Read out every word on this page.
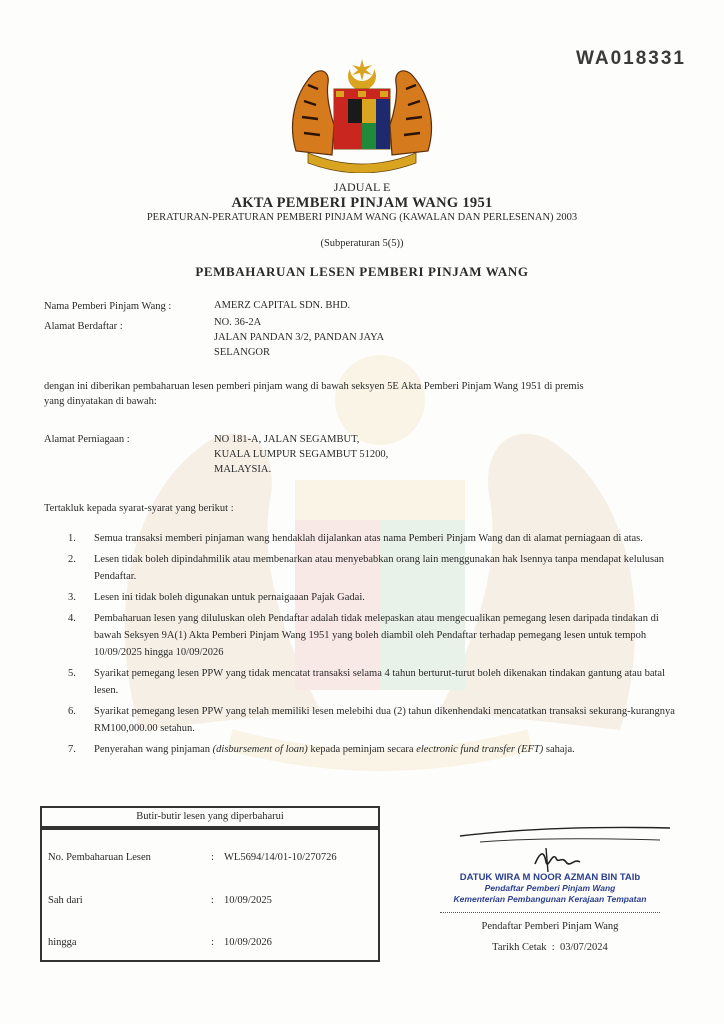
WA018331
JADUAL E
AKTA PEMBERI PINJAM WANG 1951
PERATURAN-PERATURAN PEMBERI PINJAM WANG (KAWALAN DAN PERLESENAN) 2003
(Subperaturan 5(5))
PEMBAHARUAN LESEN PEMBERI PINJAM WANG
Nama Pemberi Pinjam Wang :	AMERZ CAPITAL SDN. BHD.
Alamat Berdaftar :	NO. 36-2A
JALAN PANDAN 3/2, PANDAN JAYA
SELANGOR
dengan ini diberikan pembaharuan lesen pemberi pinjam wang di bawah seksyen 5E Akta Pemberi Pinjam Wang 1951 di premis
yang dinyatakan di bawah:
Alamat Perniagaan :	NO 181-A, JALAN SEGAMBUT,
KUALA LUMPUR SEGAMBUT 51200,
MALAYSIA.
Tertakluk kepada syarat-syarat yang berikut :
1. Semua transaksi memberi pinjaman wang hendaklah dijalankan atas nama Pemberi Pinjam Wang dan di alamat perniagaan di atas.
2. Lesen tidak boleh dipindahmilik atau membenarkan atau menyebabkan orang lain menggunakan hak lsennya tanpa mendapat kelulusan Pendaftar.
3. Lesen ini tidak boleh digunakan untuk pernaigaaan Pajak Gadai.
4. Pembaharuan lesen yang diluluskan oleh Pendaftar adalah tidak melepaskan atau mengecualikan pemegang lesen daripada tindakan di bawah Seksyen 9A(1) Akta Pemberi Pinjam Wang 1951 yang boleh diambil oleh Pendaftar terhadap pemegang lesen untuk tempoh 10/09/2025 hingga 10/09/2026
5. Syarikat pemegang lesen PPW yang tidak mencatat transaksi selama 4 tahun berturut-turut boleh dikenakan tindakan gantung atau batal lesen.
6. Syarikat pemegang lesen PPW yang telah memiliki lesen melebihi dua (2) tahun dikenhendaki mencatatkan transaksi sekurang-kurangnya RM100,000.00 setahun.
7. Penyerahan wang pinjaman (disbursement of loan) kepada peminjam secara electronic fund transfer (EFT) sahaja.
Butir-butir lesen yang diperbaharui
No. Pembaharuan Lesen	: WL5694/14/01-10/270726
Sah dari	: 10/09/2025
hingga	: 10/09/2026
DATUK WIRA M NOOR AZMAN BIN TAIb
Pendaftar Pemberi Pinjam Wang
Kementerian Pembangunan Kerajaan Tempatan
Pendaftar Pemberi Pinjam Wang
Tarikh Cetak  :  03/07/2024
